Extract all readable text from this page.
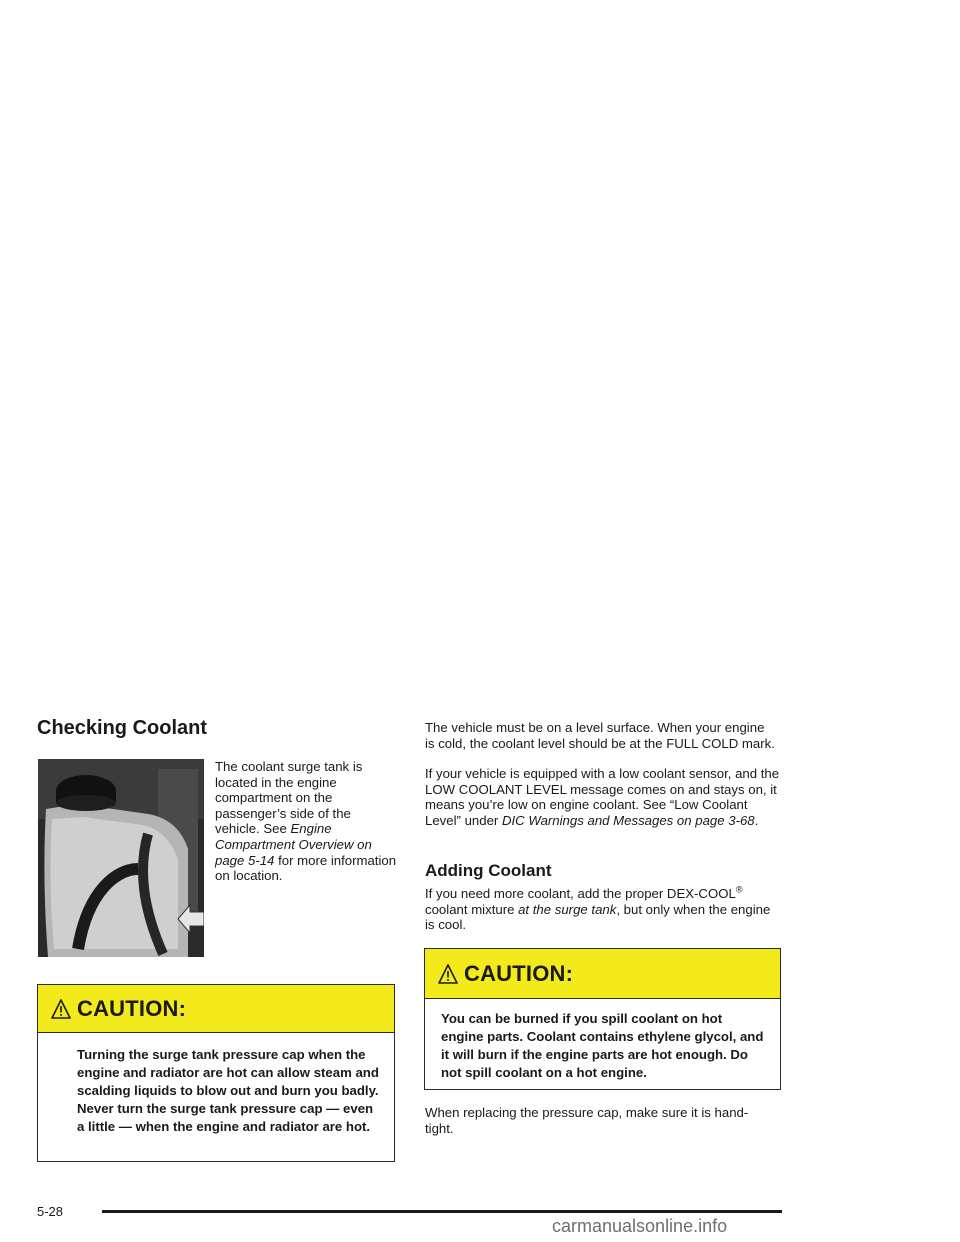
Checking Coolant

The coolant surge tank is located in the engine compartment on the passenger’s side of the vehicle. See Engine Compartment Overview on page 5-14 for more information on location.

CAUTION:
Turning the surge tank pressure cap when the engine and radiator are hot can allow steam and scalding liquids to blow out and burn you badly. Never turn the surge tank pressure cap — even a little — when the engine and radiator are hot.

The vehicle must be on a level surface. When your engine is cold, the coolant level should be at the FULL COLD mark.

If your vehicle is equipped with a low coolant sensor, and the LOW COOLANT LEVEL message comes on and stays on, it means you’re low on engine coolant. See “Low Coolant Level” under DIC Warnings and Messages on page 3-68.

Adding Coolant

If you need more coolant, add the proper DEX-COOL® coolant mixture at the surge tank, but only when the engine is cool.

CAUTION:
You can be burned if you spill coolant on hot engine parts. Coolant contains ethylene glycol, and it will burn if the engine parts are hot enough. Do not spill coolant on a hot engine.

When replacing the pressure cap, make sure it is hand-tight.

5-28
carmanualsonline.info
